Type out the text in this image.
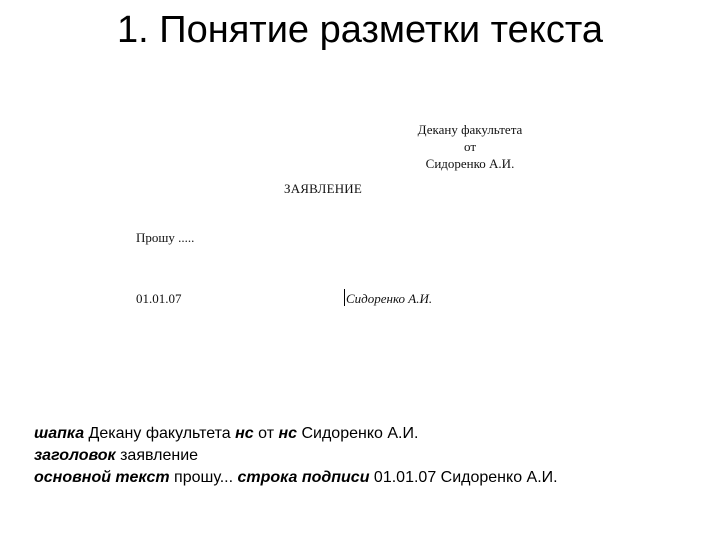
1. Понятие разметки текста
Декану факультета
от
Сидоренко А.И.
ЗАЯВЛЕНИЕ
Прошу .....
01.01.07	Сидоренко А.И.
шапка Декану факультета нс от нс Сидоренко А.И.
заголовок заявление
основной текст прошу... строка подписи 01.01.07 Сидоренко А.И.
